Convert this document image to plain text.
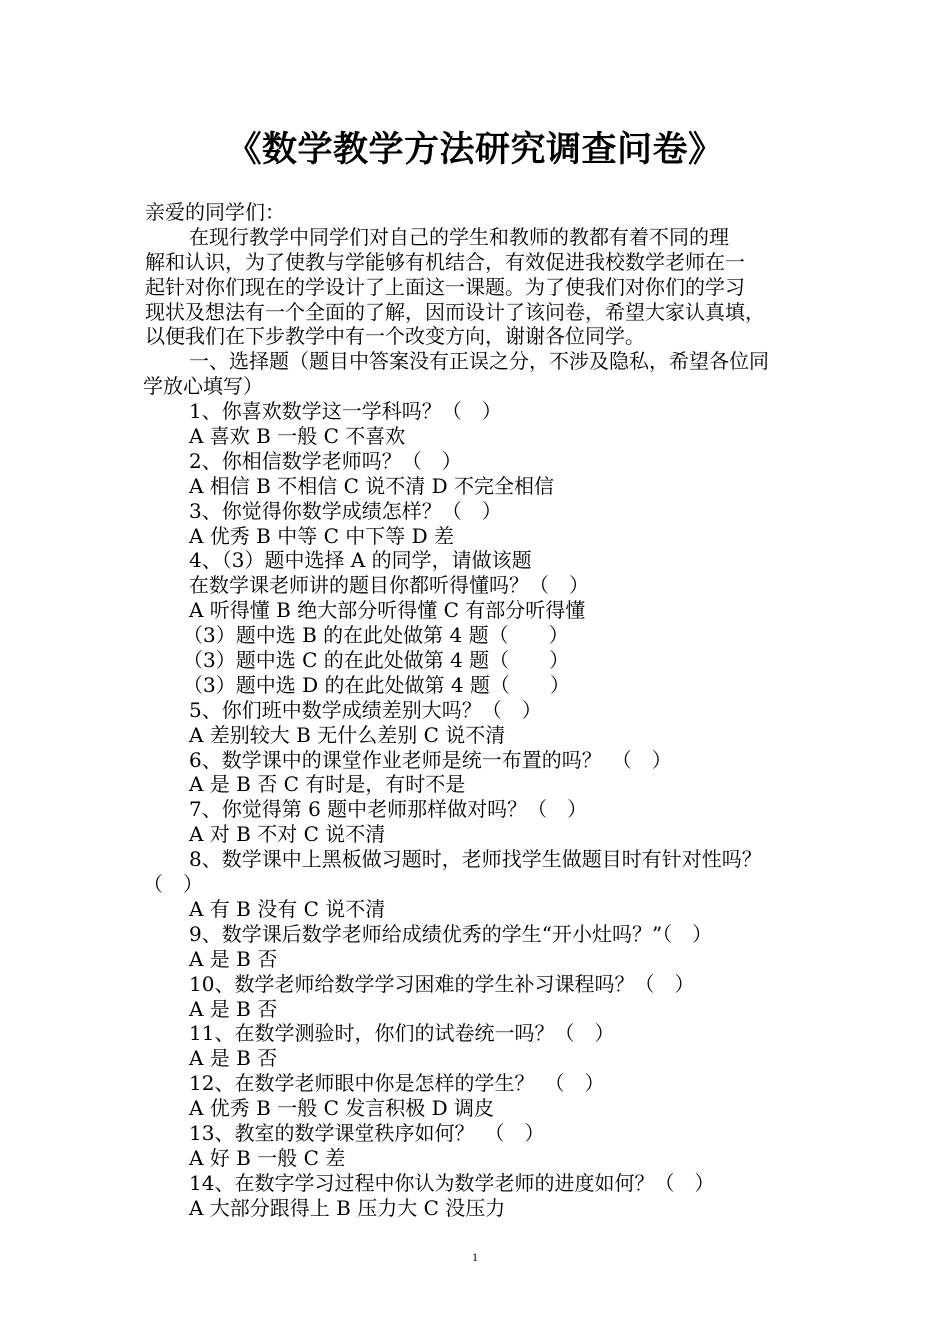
《数学教学方法研究调查问卷》
亲爱的同学们：
在现行教学中同学们对自己的学生和教师的教都有着不同的理
解和认识，为了使教与学能够有机结合，有效促进我校数学老师在一
起针对你们现在的学设计了上面这一课题。为了使我们对你们的学习
现状及想法有一个全面的了解，因而设计了该问卷，希望大家认真填，
以便我们在下步教学中有一个改变方向，谢谢各位同学。
一、选择题（题目中答案没有正误之分，不涉及隐私，希望各位同
学放心填写）
1、你喜欢数学这一学科吗？（　）
A 喜欢 B 一般 C 不喜欢
2、你相信数学老师吗？（　）
A 相信 B 不相信 C 说不清 D 不完全相信
3、你觉得你数学成绩怎样？（　）
A 优秀 B 中等 C 中下等 D 差
4、（3）题中选择 A 的同学，请做该题
在数学课老师讲的题目你都听得懂吗？（　）
A 听得懂 B 绝大部分听得懂 C 有部分听得懂
（3）题中选 B 的在此处做第 4 题（　　）
（3）题中选 C 的在此处做第 4 题（　　）
（3）题中选 D 的在此处做第 4 题（　　）
5、你们班中数学成绩差别大吗？（　）
A 差别较大 B 无什么差别 C 说不清
6、数学课中的课堂作业老师是统一布置的吗？　（　）
A 是 B 否 C 有时是，有时不是
7、你觉得第 6 题中老师那样做对吗？（　）
A 对 B 不对 C 说不清
8、数学课中上黑板做习题时，老师找学生做题目时有针对性吗？
（　）
A 有 B 没有 C 说不清
9、数学课后数学老师给成绩优秀的学生“开小灶吗？”（　）
A 是 B 否
10、数学老师给数学学习困难的学生补习课程吗？（　）
A 是 B 否
11、在数学测验时，你们的试卷统一吗？（　）
A 是 B 否
12、在数学老师眼中你是怎样的学生？　（　）
A 优秀 B 一般 C 发言积极 D 调皮
13、教室的数学课堂秩序如何？　（　）
A 好 B 一般 C 差
14、在数字学习过程中你认为数学老师的进度如何？（　）
A 大部分跟得上 B 压力大 C 没压力
1
